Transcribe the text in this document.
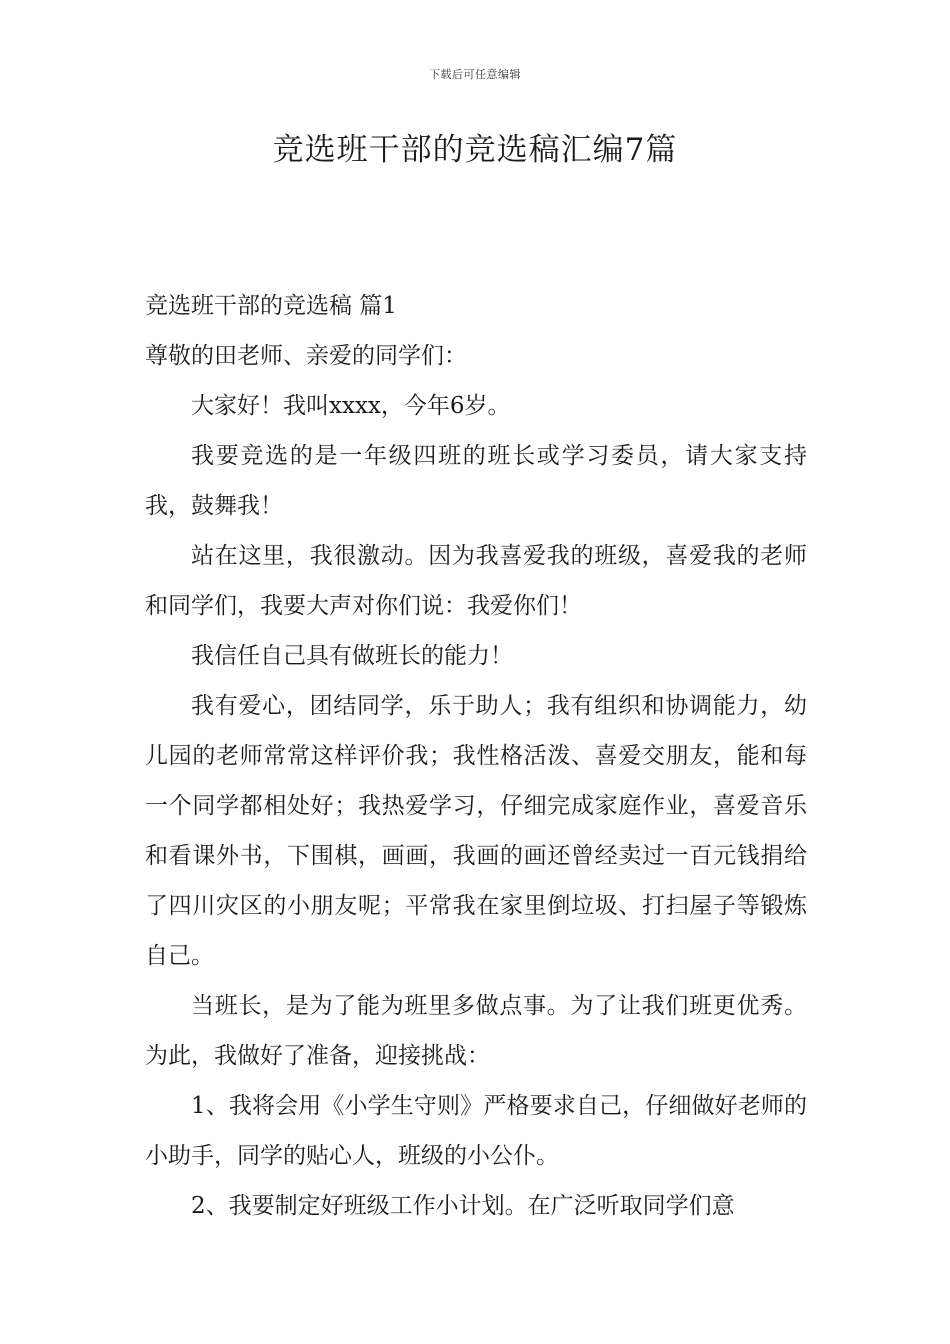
下载后可任意编辑
竞选班干部的竞选稿汇编7篇

竞选班干部的竞选稿 篇1

尊敬的田老师、亲爱的同学们：

大家好！我叫xxxx，今年6岁。

我要竞选的是一年级四班的班长或学习委员，请大家支持我，鼓舞我！

站在这里，我很激动。因为我喜爱我的班级，喜爱我的老师和同学们，我要大声对你们说：我爱你们！

我信任自己具有做班长的能力！

我有爱心，团结同学，乐于助人；我有组织和协调能力，幼儿园的老师常常这样评价我；我性格活泼、喜爱交朋友，能和每一个同学都相处好；我热爱学习，仔细完成家庭作业，喜爱音乐和看课外书，下围棋，画画，我画的画还曾经卖过一百元钱捐给了四川灾区的小朋友呢；平常我在家里倒垃圾、打扫屋子等锻炼自己。

当班长，是为了能为班里多做点事。为了让我们班更优秀。为此，我做好了准备，迎接挑战：

1、我将会用《小学生守则》严格要求自己，仔细做好老师的小助手，同学的贴心人，班级的小公仆。

2、我要制定好班级工作小计划。在广泛听取同学们意
